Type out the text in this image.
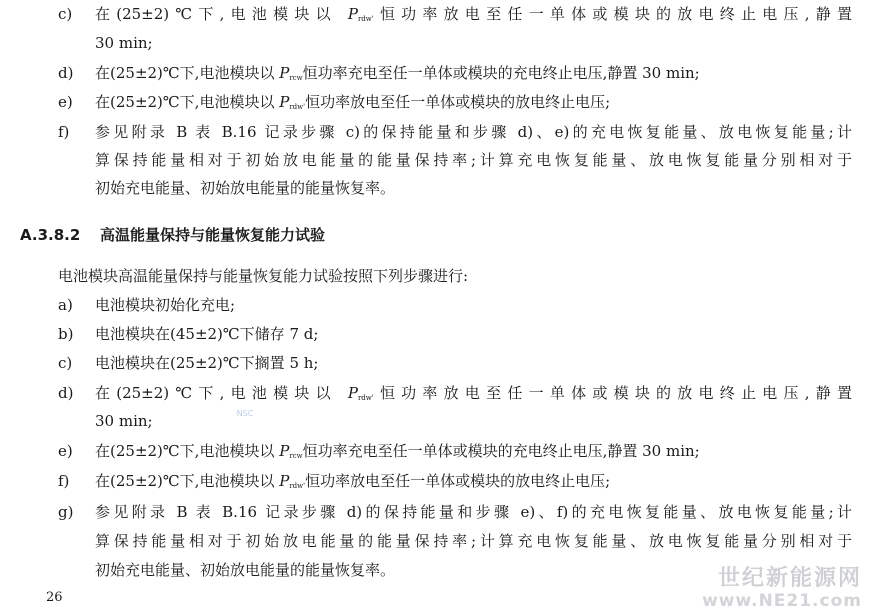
c)	在(25±2)℃下,电池模块以 $P_{rdw'}$恒功率放电至任一单体或模块的放电终止电压,静置
30 min;
d)	在(25±2)℃下,电池模块以 $P_{rcw}$恒功率充电至任一单体或模块的充电终止电压,静置 30 min;
e)	在(25±2)℃下,电池模块以 $P_{rdw'}$恒功率放电至任一单体或模块的放电终止电压;
f)	参见附录 B 表 B.16 记录步骤 c)的保持能量和步骤 d)、e)的充电恢复能量、放电恢复能量;计
算保持能量相对于初始放电能量的能量保持率;计算充电恢复能量、放电恢复能量分别相对于
初始充电能量、初始放电能量的能量恢复率。
A.3.8.2 高温能量保持与能量恢复能力试验
电池模块高温能量保持与能量恢复能力试验按照下列步骤进行:
a)	电池模块初始化充电;
b)	电池模块在(45±2)℃下储存 7 d;
c)	电池模块在(25±2)℃下搁置 5 h;
d)	在(25±2)℃下,电池模块以 $P_{rdw'}$恒功率放电至任一单体或模块的放电终止电压,静置
30 min;	NSC
e)	在(25±2)℃下,电池模块以 $P_{rcw}$恒功率充电至任一单体或模块的充电终止电压,静置 30 min;
f)	在(25±2)℃下,电池模块以 $P_{rdw'}$恒功率放电至任一单体或模块的放电终止电压;
g)	参见附录 B 表 B.16 记录步骤 d)的保持能量和步骤 e)、f)的充电恢复能量、放电恢复能量;计
算保持能量相对于初始放电能量的能量保持率;计算充电恢复能量、放电恢复能量分别相对于
初始充电能量、初始放电能量的能量恢复率。
26
世纪新能源网
www.NE21.com
